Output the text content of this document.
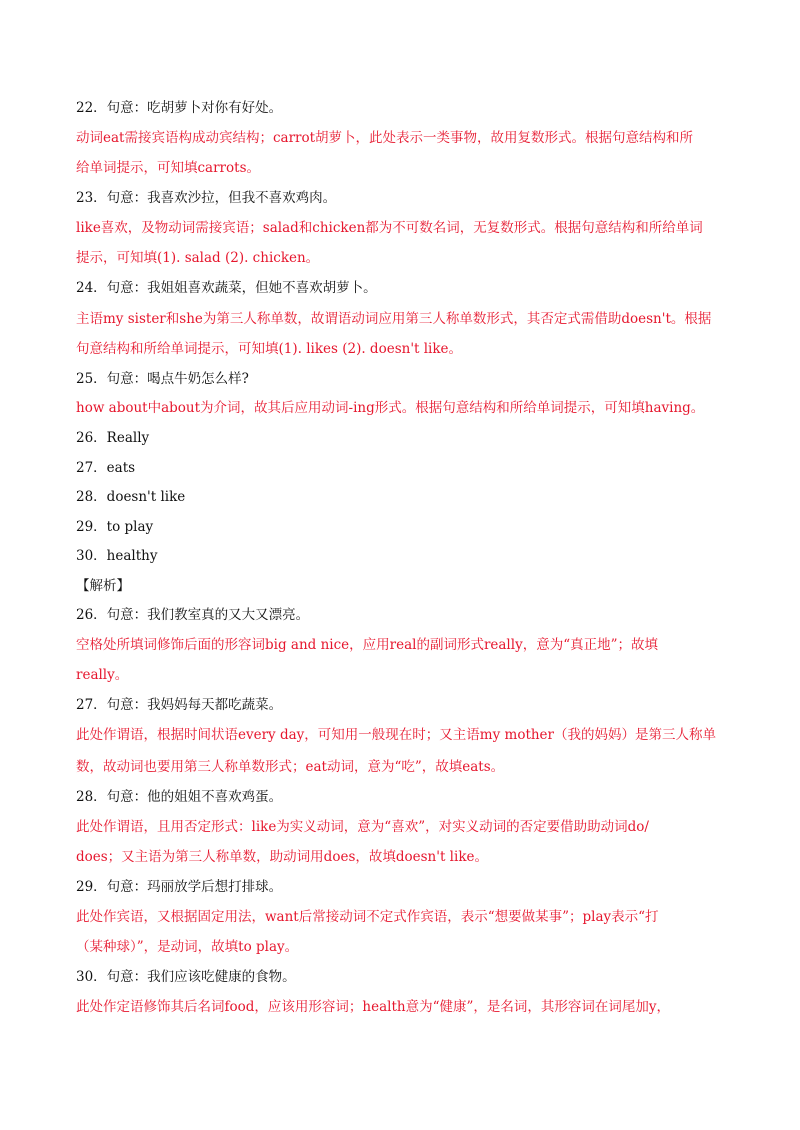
22．句意：吃胡萝卜对你有好处。
动词eat需接宾语构成动宾结构；carrot胡萝卜，此处表示一类事物，故用复数形式。根据句意结构和所
给单词提示，可知填carrots。
23．句意：我喜欢沙拉，但我不喜欢鸡肉。
like喜欢，及物动词需接宾语；salad和chicken都为不可数名词，无复数形式。根据句意结构和所给单词
提示，可知填(1). salad (2). chicken。
24．句意：我姐姐喜欢蔬菜，但她不喜欢胡萝卜。
主语my sister和she为第三人称单数，故谓语动词应用第三人称单数形式，其否定式需借助doesn't。根据
句意结构和所给单词提示，可知填(1). likes (2). doesn't like。
25．句意：喝点牛奶怎么样?
how about中about为介词，故其后应用动词-ing形式。根据句意结构和所给单词提示，可知填having。
26．Really
27．eats
28．doesn't like
29．to play
30．healthy
【解析】
26．句意：我们教室真的又大又漂亮。
空格处所填词修饰后面的形容词big and nice，应用real的副词形式really，意为“真正地”；故填
really。
27．句意：我妈妈每天都吃蔬菜。
此处作谓语，根据时间状语every day，可知用一般现在时；又主语my mother（我的妈妈）是第三人称单
数，故动词也要用第三人称单数形式；eat动词，意为“吃”，故填eats。
28．句意：他的姐姐不喜欢鸡蛋。
此处作谓语，且用否定形式：like为实义动词，意为“喜欢”，对实义动词的否定要借助助动词do/
does；又主语为第三人称单数，助动词用does，故填doesn't like。
29．句意：玛丽放学后想打排球。
此处作宾语，又根据固定用法，want后常接动词不定式作宾语，表示“想要做某事”；play表示“打
（某种球）”，是动词，故填to play。
30．句意：我们应该吃健康的食物。
此处作定语修饰其后名词food，应该用形容词；health意为“健康”，是名词，其形容词在词尾加y，
